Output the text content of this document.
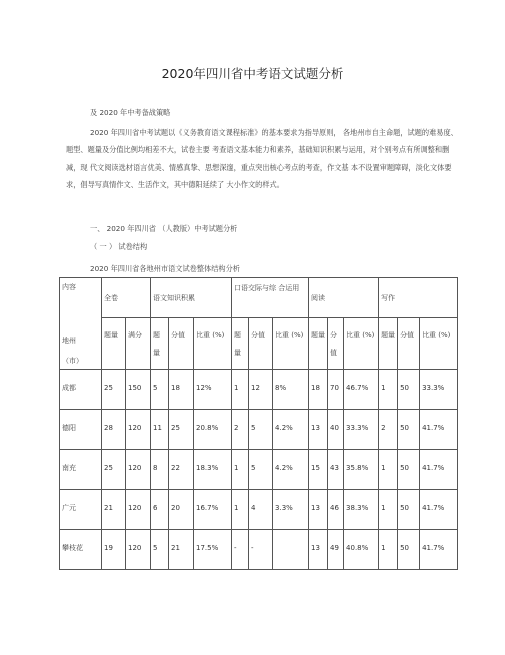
2020年四川省中考语文试题分析
及 2020 年中考备战策略
2020 年四川省中考试题以《义务教育语文课程标准》的基本要求为指导原则， 各地州市自主命题，试题的难易度、题型、题量及分值比例均相差不大，试卷主要 考查语文基本能力和素养，基础知识积累与运用，对个别考点有所调整和删减，现 代文阅读选材语言优美、情感真挚、思想深邃，重点突出核心考点的考查，作文基 本不设置审题障碍，淡化文体要求，倡导写真情作文、生活作文，其中德阳延续了 大小作文的样式。
一、 2020 年四川省 （人教版）中考试题分析
（ 一 ） 试卷结构
2020 年四川省各地州市语文试卷整体结构分析
内容
地州
（市）	全卷		语文知识积累			口语交际与综 合运用			阅读			写作		

	题量	满分	题量	分值	比重 (%)	题量	分值	比重 (%)	题量	分值	比重 (%)	题量	分值	比重 (%)

成都	25	150	5	18	12%	1	12	8%	18	70	46.7%	1	50	33.3%

德阳	28	120	11	25	20.8%	2	5	4.2%	13	40	33.3%	2	50	41.7%

南充	25	120	8	22	18.3%	1	5	4.2%	15	43	35.8%	1	50	41.7%

广元	21	120	6	20	16.7%	1	4	3.3%	13	46	38.3%	1	50	41.7%

攀枝花	19	120	5	21	17.5%	-	-		13	49	40.8%	1	50	41.7%
